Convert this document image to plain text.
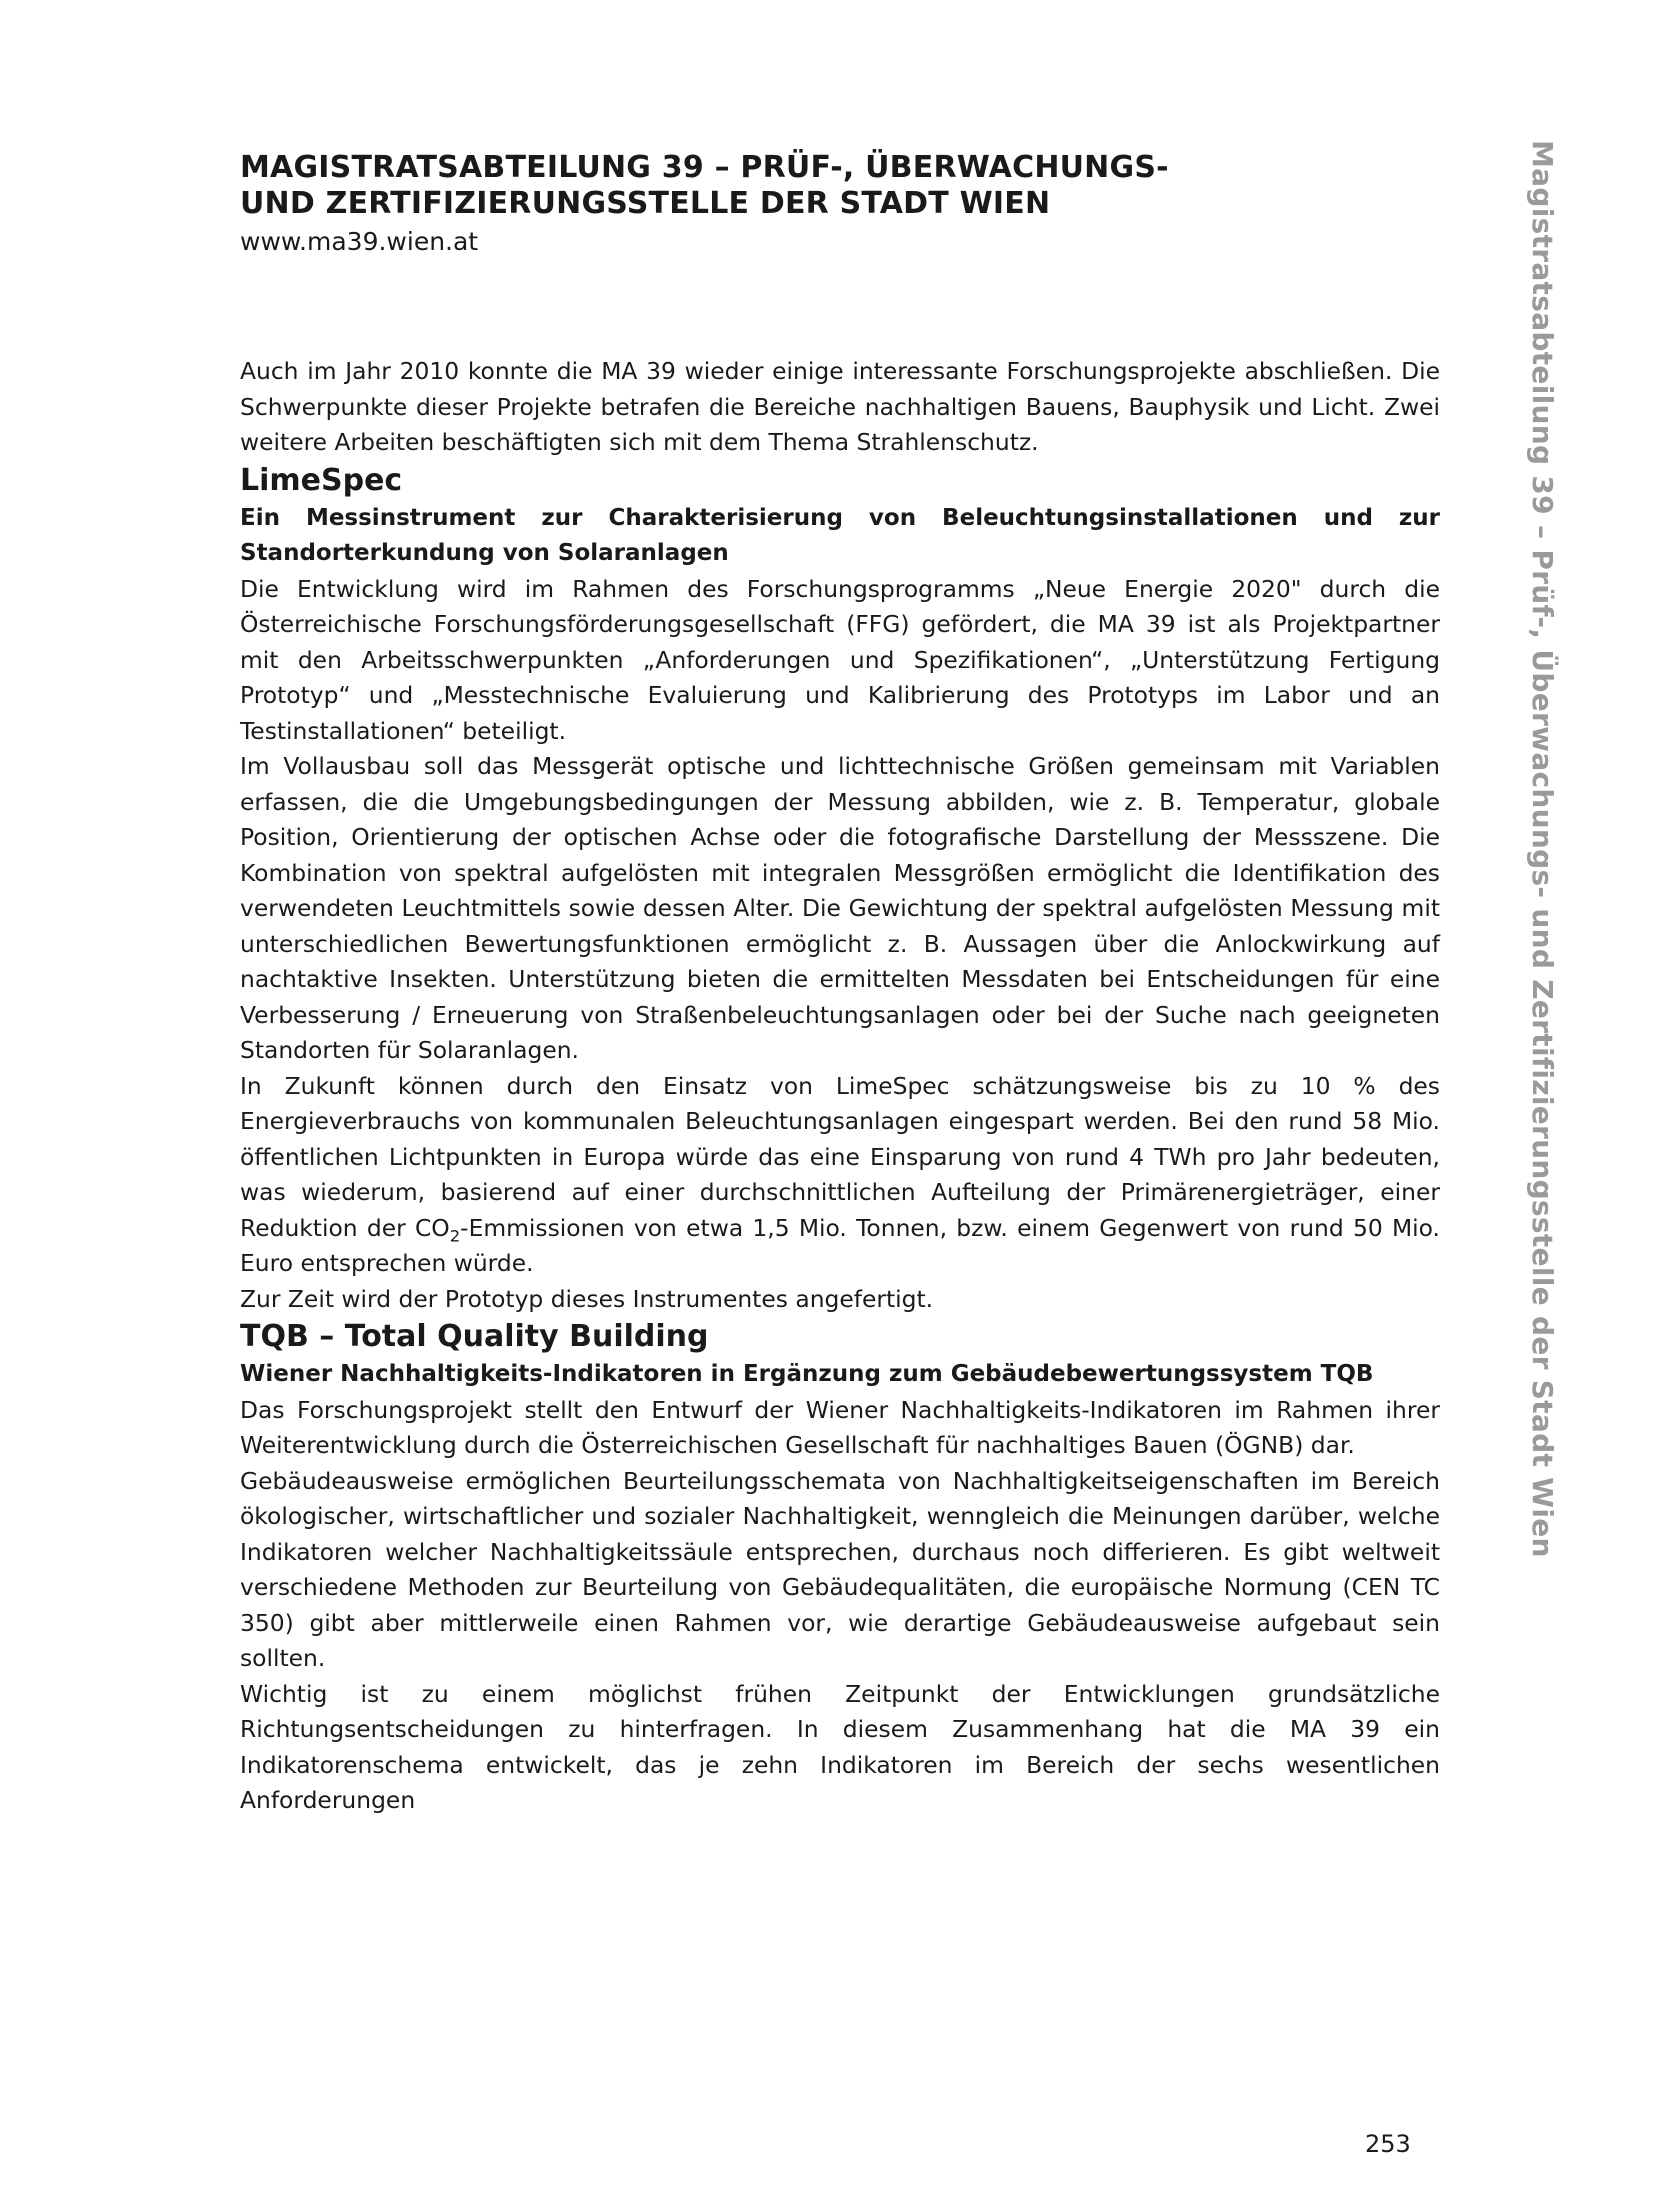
MAGISTRATSABTEILUNG 39 – PRÜF-, ÜBERWACHUNGS-
UND ZERTIFIZIERUNGSSTELLE DER STADT WIEN
www.ma39.wien.at

Auch im Jahr 2010 konnte die MA 39 wieder einige interessante Forschungsprojekte abschließen. Die Schwerpunkte dieser Projekte betrafen die Bereiche nachhaltigen Bauens, Bauphysik und Licht. Zwei weitere Arbeiten beschäftigten sich mit dem Thema Strahlenschutz.

LimeSpec
Ein Messinstrument zur Charakterisierung von Beleuchtungsinstallationen und zur Standorterkundung von Solaranlagen

Die Entwicklung wird im Rahmen des Forschungsprogramms „Neue Energie 2020" durch die Österreichische Forschungsförderungsgesellschaft (FFG) gefördert, die MA 39 ist als Projektpartner mit den Arbeitsschwerpunkten „Anforderungen und Spezifikationen“, „Unterstützung Fertigung Prototyp“ und „Messtechnische Evaluierung und Kalibrierung des Prototyps im Labor und an Testinstallationen“ beteiligt.

Im Vollausbau soll das Messgerät optische und lichttechnische Größen gemeinsam mit Variablen erfassen, die die Umgebungsbedingungen der Messung abbilden, wie z. B. Temperatur, globale Position, Orientierung der optischen Achse oder die fotografische Darstellung der Messszene. Die Kombination von spektral aufgelösten mit integralen Messgrößen ermöglicht die Identifikation des verwendeten Leuchtmittels sowie dessen Alter. Die Gewichtung der spektral aufgelösten Messung mit unterschiedlichen Bewertungsfunktionen ermöglicht z. B. Aussagen über die Anlockwirkung auf nachtaktive Insekten. Unterstützung bieten die ermittelten Messdaten bei Entscheidungen für eine Verbesserung / Erneuerung von Straßenbeleuchtungsanlagen oder bei der Suche nach geeigneten Standorten für Solaranlagen.

In Zukunft können durch den Einsatz von LimeSpec schätzungsweise bis zu 10 % des Energieverbrauchs von kommunalen Beleuchtungsanlagen eingespart werden. Bei den rund 58 Mio. öffentlichen Lichtpunkten in Europa würde das eine Einsparung von rund 4 TWh pro Jahr bedeuten, was wiederum, basierend auf einer durchschnittlichen Aufteilung der Primärenergieträger, einer Reduktion der $CO_2$-Emmissionen von etwa 1,5 Mio. Tonnen, bzw. einem Gegenwert von rund 50 Mio. Euro entsprechen würde.

Zur Zeit wird der Prototyp dieses Instrumentes angefertigt.

TQB – Total Quality Building
Wiener Nachhaltigkeits-Indikatoren in Ergänzung zum Gebäudebewertungssystem TQB

Das Forschungsprojekt stellt den Entwurf der Wiener Nachhaltigkeits-Indikatoren im Rahmen ihrer Weiterentwicklung durch die Österreichischen Gesellschaft für nachhaltiges Bauen (ÖGNB) dar.

Gebäudeausweise ermöglichen Beurteilungsschemata von Nachhaltigkeitseigenschaften im Bereich ökologischer, wirtschaftlicher und sozialer Nachhaltigkeit, wenngleich die Meinungen darüber, welche Indikatoren welcher Nachhaltigkeitssäule entsprechen, durchaus noch differieren. Es gibt weltweit verschiedene Methoden zur Beurteilung von Gebäudequalitäten, die europäische Normung (CEN TC 350) gibt aber mittlerweile einen Rahmen vor, wie derartige Gebäudeausweise aufgebaut sein sollten.

Wichtig ist zu einem möglichst frühen Zeitpunkt der Entwicklungen grundsätzliche Richtungsentscheidungen zu hinterfragen. In diesem Zusammenhang hat die MA 39 ein Indikatorenschema entwickelt, das je zehn Indikatoren im Bereich der sechs wesentlichen Anforderungen

Magistratsabteilung 39 – Prüf-, Überwachungs- und Zertifizierungsstelle der Stadt Wien
253
